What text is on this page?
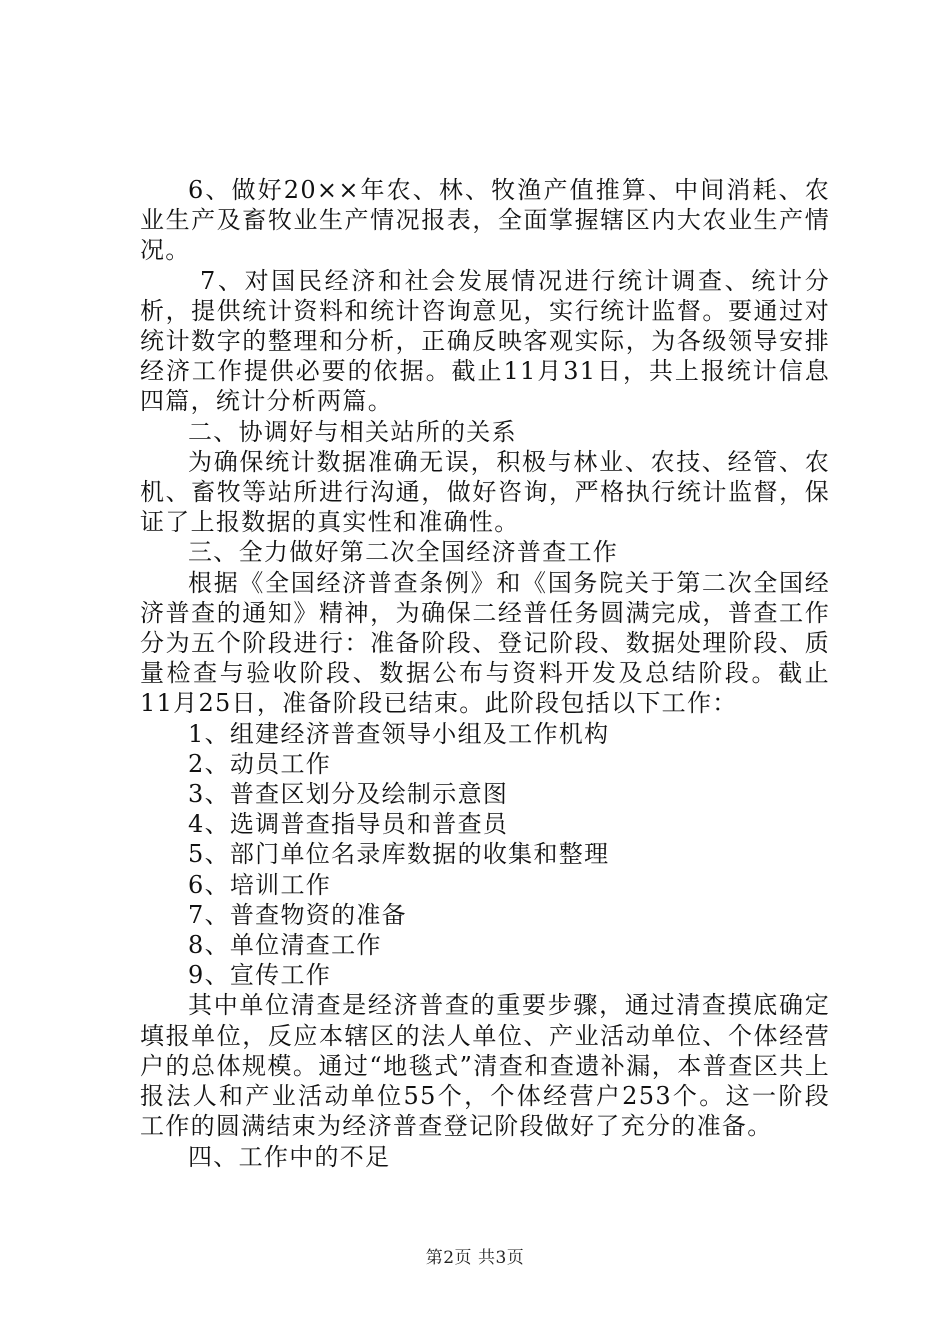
6、做好20××年农、林、牧渔产值推算、中间消耗、农业生产及畜牧业生产情况报表，全面掌握辖区内大农业生产情况。

7、对国民经济和社会发展情况进行统计调查、统计分析，提供统计资料和统计咨询意见，实行统计监督。要通过对统计数字的整理和分析，正确反映客观实际，为各级领导安排经济工作提供必要的依据。截止11月31日，共上报统计信息四篇，统计分析两篇。

二、协调好与相关站所的关系

为确保统计数据准确无误，积极与林业、农技、经管、农机、畜牧等站所进行沟通，做好咨询，严格执行统计监督，保证了上报数据的真实性和准确性。

三、全力做好第二次全国经济普查工作

根据《全国经济普查条例》和《国务院关于第二次全国经济普查的通知》精神，为确保二经普任务圆满完成，普查工作分为五个阶段进行：准备阶段、登记阶段、数据处理阶段、质量检查与验收阶段、数据公布与资料开发及总结阶段。截止11月25日，准备阶段已结束。此阶段包括以下工作：

1、组建经济普查领导小组及工作机构

2、动员工作

3、普查区划分及绘制示意图

4、选调普查指导员和普查员

5、部门单位名录库数据的收集和整理

6、培训工作

7、普查物资的准备

8、单位清查工作

9、宣传工作

其中单位清查是经济普查的重要步骤，通过清查摸底确定填报单位，反应本辖区的法人单位、产业活动单位、个体经营户的总体规模。通过“地毯式”清查和查遗补漏，本普查区共上报法人和产业活动单位55个，个体经营户253个。这一阶段工作的圆满结束为经济普查登记阶段做好了充分的准备。

四、工作中的不足

第2页 共3页
